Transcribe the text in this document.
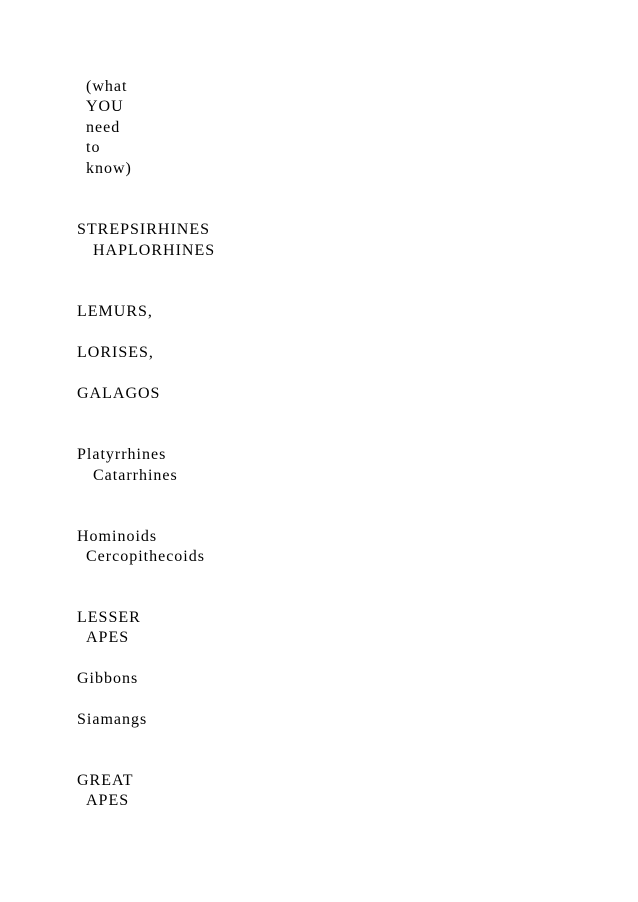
(what

YOU

need

to

know)

STREPSIRHINES

HAPLORHINES

LEMURS,

LORISES,

GALAGOS

Platyrrhines

Catarrhines

Hominoids

Cercopithecoids

LESSER

APES

Gibbons

Siamangs

GREAT

APES
